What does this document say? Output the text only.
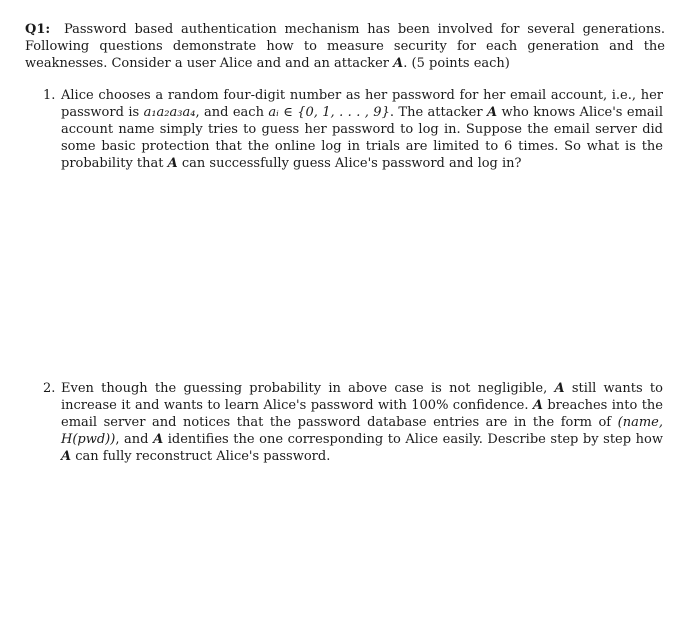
Q1: Password based authentication mechanism has been involved for several generations. Following questions demonstrate how to measure security for each generation and the weaknesses. Consider a user Alice and and an attacker A. (5 points each)
1. Alice chooses a random four-digit number as her password for her email account, i.e., her password is a₁a₂a₃a₄, and each aᵢ ∈ {0, 1, . . . , 9}. The attacker A who knows Alice's email account name simply tries to guess her password to log in. Suppose the email server did some basic protection that the online log in trials are limited to 6 times. So what is the probability that A can successfully guess Alice's password and log in?
2. Even though the guessing probability in above case is not negligible, A still wants to increase it and wants to learn Alice's password with 100% confidence. A breaches into the email server and notices that the password database entries are in the form of (name, H(pwd)), and A identifies the one corresponding to Alice easily. Describe step by step how A can fully reconstruct Alice's password.
